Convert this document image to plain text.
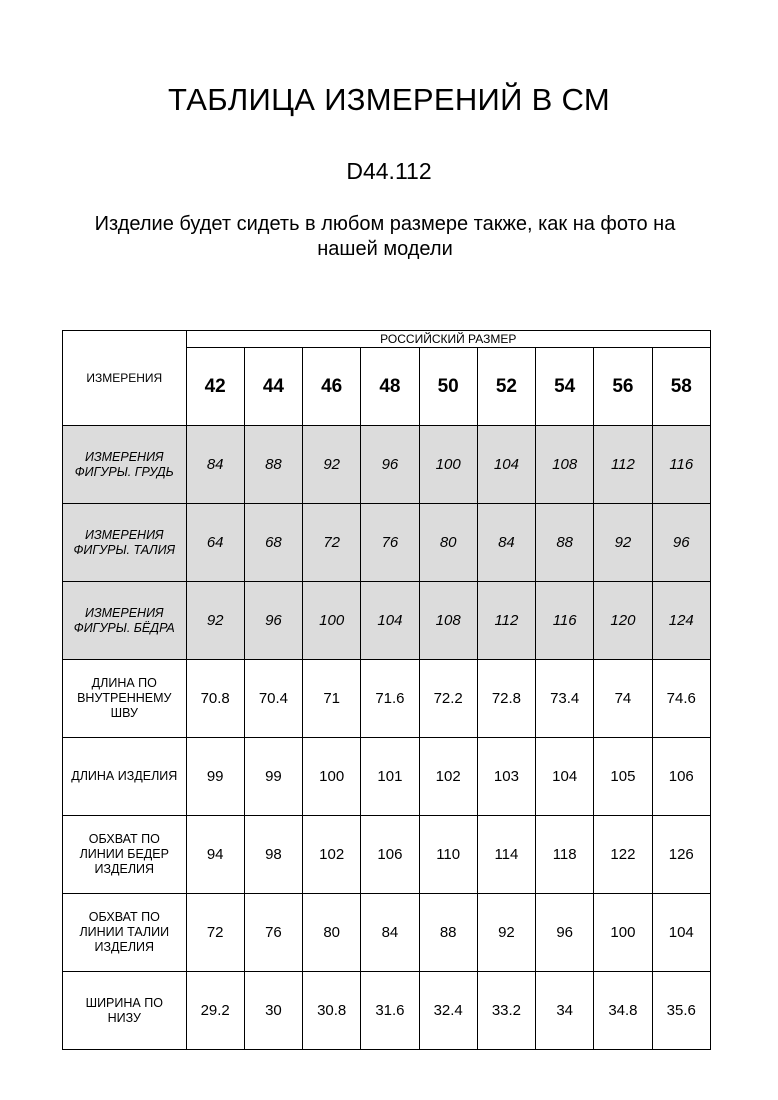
ТАБЛИЦА ИЗМЕРЕНИЙ В СМ
D44.112
Изделие будет сидеть в любом размере также, как на фото на нашей модели
ИЗМЕРЕНИЯ	РОССИЙСКИЙ РАЗМЕР								
	42	44	46	48	50	52	54	56	58

ИЗМЕРЕНИЯ
ФИГУРЫ. ГРУДЬ	84	88	92	96	100	104	108	112	116

ИЗМЕРЕНИЯ
ФИГУРЫ. ТАЛИЯ	64	68	72	76	80	84	88	92	96

ИЗМЕРЕНИЯ
ФИГУРЫ. БЁДРА	92	96	100	104	108	112	116	120	124

ДЛИНА ПО
ВНУТРЕННЕМУ
ШВУ	70.8	70.4	71	71.6	72.2	72.8	73.4	74	74.6

ДЛИНА ИЗДЕЛИЯ	99	99	100	101	102	103	104	105	106

ОБХВАТ ПО
ЛИНИИ БЕДЕР
ИЗДЕЛИЯ	94	98	102	106	110	114	118	122	126

ОБХВАТ ПО
ЛИНИИ ТАЛИИ
ИЗДЕЛИЯ	72	76	80	84	88	92	96	100	104

ШИРИНА ПО
НИЗУ	29.2	30	30.8	31.6	32.4	33.2	34	34.8	35.6
